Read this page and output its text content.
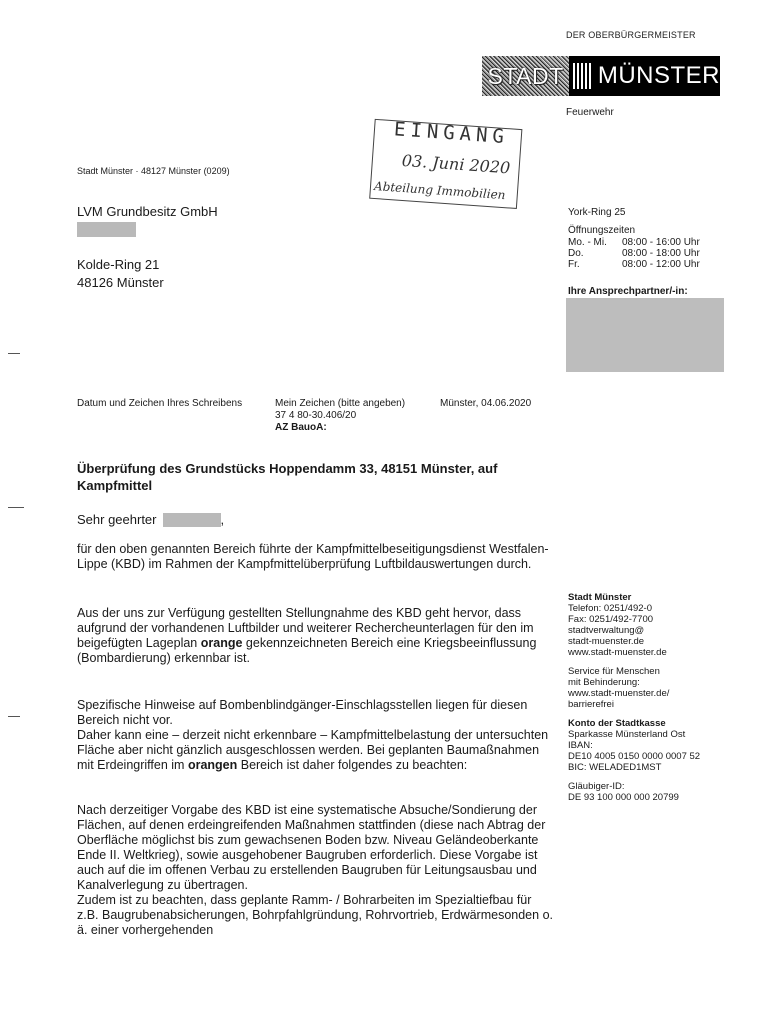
DER OBERBÜRGERMEISTER
STADT MÜNSTER
Feuerwehr
EINGANG
03. Juni 2020
Abteilung Immobilien
Stadt Münster · 48127 Münster (0209)
LVM Grundbesitz GmbH
Kolde-Ring 21
48126 Münster
York-Ring 25
Öffnungszeiten
Mo. - Mi.	08:00 - 16:00 Uhr
Do.	08:00 - 18:00 Uhr
Fr.	08:00 - 12:00 Uhr
Ihre Ansprechpartner/-in:
Datum und Zeichen Ihres Schreibens	Mein Zeichen (bitte angeben)
37 4 80-30.406/20
AZ BauoA:
Münster, 04.06.2020
Überprüfung des Grundstücks Hoppendamm 33, 48151 Münster, auf Kampfmittel
Sehr geehrter	,

für den oben genannten Bereich führte der Kampfmittelbeseitigungsdienst Westfalen-Lippe (KBD) im Rahmen der Kampfmittelüberprüfung Luftbildauswertungen durch.

Aus der uns zur Verfügung gestellten Stellungnahme des KBD geht hervor, dass aufgrund der vorhandenen Luftbilder und weiterer Rechercheunterlagen für den im beigefügten Lageplan orange gekennzeichneten Bereich eine Kriegsbeeinflussung (Bombardierung) erkennbar ist.

Spezifische Hinweise auf Bombenblindgänger-Einschlagsstellen liegen für diesen Bereich nicht vor.

Daher kann eine – derzeit nicht erkennbare – Kampfmittelbelastung der untersuchten Fläche aber nicht gänzlich ausgeschlossen werden. Bei geplanten Baumaßnahmen mit Erdeingriffen im orangen Bereich ist daher folgendes zu beachten:

Nach derzeitiger Vorgabe des KBD ist eine systematische Absuche/Sondierung der Flächen, auf denen erdeingreifenden Maßnahmen stattfinden (diese nach Abtrag der Oberfläche möglichst bis zum gewachsenen Boden bzw. Niveau Geländeoberkante Ende II. Weltkrieg), sowie ausgehobener Baugruben erforderlich. Diese Vorgabe ist auch auf die im offenen Verbau zu erstellenden Baugruben für Leitungsausbau und Kanalverlegung zu übertragen.

Zudem ist zu beachten, dass geplante Ramm- / Bohrarbeiten im Spezialtiefbau für z.B. Baugrubenabsicherungen, Bohrpfahlgründung, Rohrvortrieb, Erdwärmesonden o. ä. einer vorhergehenden

Stadt Münster
Telefon: 0251/492-0
Fax: 0251/492-7700
stadtverwaltung@
stadt-muenster.de
www.stadt-muenster.de
Service für Menschen
mit Behinderung:
www.stadt-muenster.de/
barrierefrei
Konto der Stadtkasse
Sparkasse Münsterland Ost
IBAN:
DE10 4005 0150 0000 0007 52
BIC: WELADED1MST
Gläubiger-ID:
DE 93 100 000 000 20799
